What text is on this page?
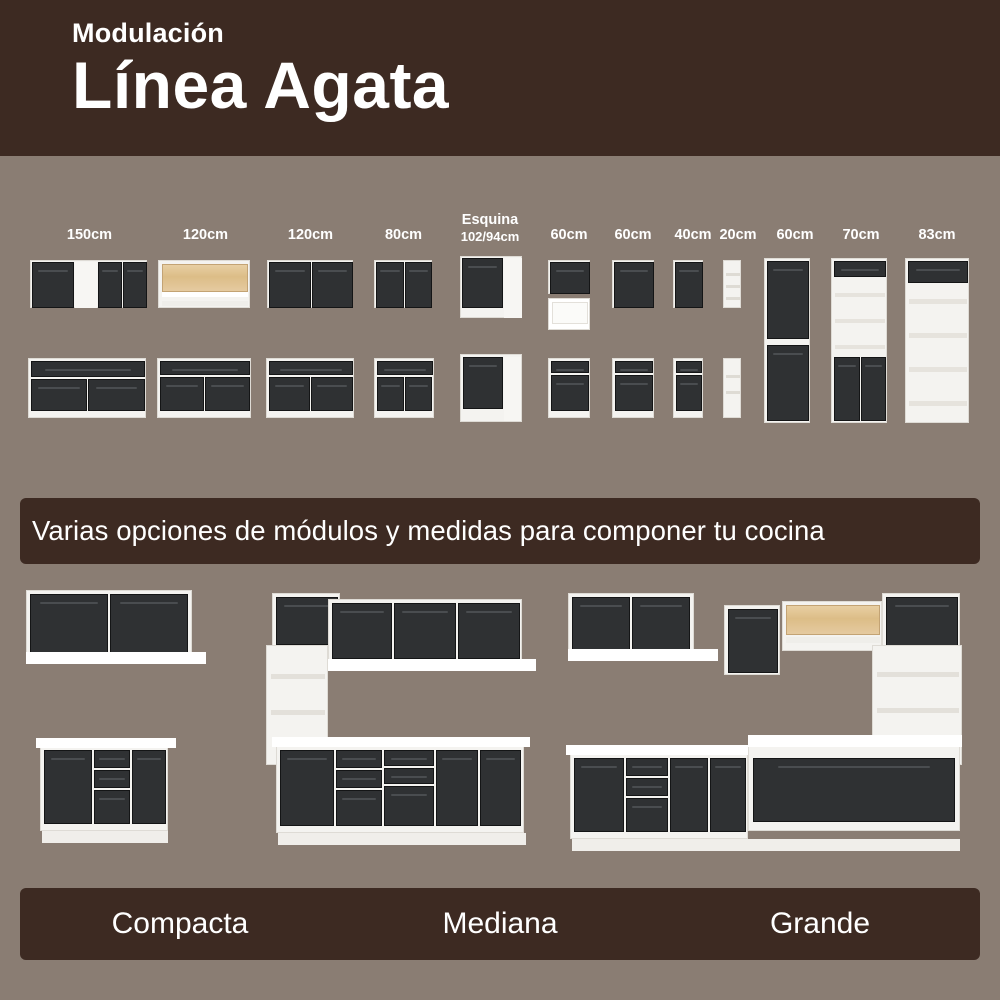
Modulación
Línea Agata
150cm	120cm	120cm	80cm
Esquina
102/94cm	60cm	60cm	40cm 20cm	60cm	70cm	83cm
Varias opciones de módulos y medidas para componer tu cocina
Compacta	Mediana	Grande
